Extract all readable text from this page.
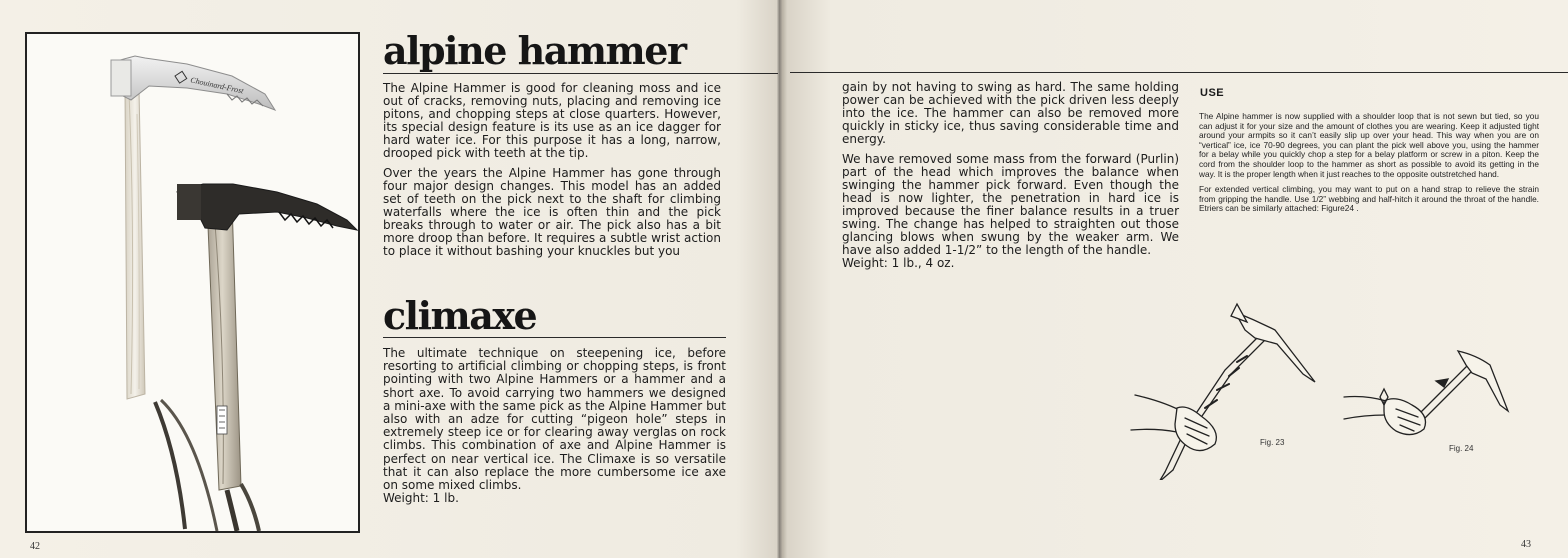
Chouinard-Frost
42
alpine hammer

The Alpine Hammer is good for cleaning moss and ice out of cracks, removing nuts, placing and removing ice pitons, and chopping steps at close quarters. However, its special design feature is its use as an ice dagger for hard water ice. For this purpose it has a long, narrow, drooped pick with teeth at the tip.

Over the years the Alpine Hammer has gone through four major design changes. This model has an added set of teeth on the pick next to the shaft for climbing waterfalls where the ice is often thin and the pick breaks through to water or air. The pick also has a bit more droop than before. It requires a subtle wrist action to place it without bashing your knuckles but you

climaxe

The ultimate technique on steepening ice, before resorting to artificial climbing or chopping steps, is front pointing with two Alpine Hammers or a hammer and a short axe. To avoid carrying two hammers we designed a mini-axe with the same pick as the Alpine Hammer but also with an adze for cutting “pigeon hole” steps in extremely steep ice or for clearing away verglas on rock climbs. This combination of axe and Alpine Hammer is perfect on near vertical ice. The Climaxe is so versatile that it can also replace the more cumbersome ice axe on some mixed climbs.

Weight: 1 lb.

gain by not having to swing as hard. The same holding power can be achieved with the pick driven less deeply into the ice. The hammer can also be removed more quickly in sticky ice, thus saving considerable time and energy.

We have removed some mass from the forward (Purlin) part of the head which improves the balance when swinging the hammer pick forward. Even though the head is now lighter, the penetration in hard ice is improved because the finer balance results in a truer swing. The change has helped to straighten out those glancing blows when swung by the weaker arm. We have also added 1-1/2” to the length of the handle.

Weight: 1 lb., 4 oz.

USE

The Alpine hammer is now supplied with a shoulder loop that is not sewn but tied, so you can adjust it for your size and the amount of clothes you are wearing. Keep it adjusted tight around your armpits so it can’t easily slip up over your head. This way when you are on “vertical” ice, ice 70-90 degrees, you can plant the pick well above you, using the hammer for a belay while you quickly chop a step for a belay platform or screw in a piton. Keep the cord from the shoulder loop to the hammer as short as possible to avoid its getting in the way. It is the proper length when it just reaches to the opposite outstretched hand.

For extended vertical climbing, you may want to put on a hand strap to relieve the strain from gripping the handle. Use 1/2” webbing and half-hitch it around the throat of the handle. Etriers can be similarly attached: Figure24 .

Fig. 23
Fig. 24
43
